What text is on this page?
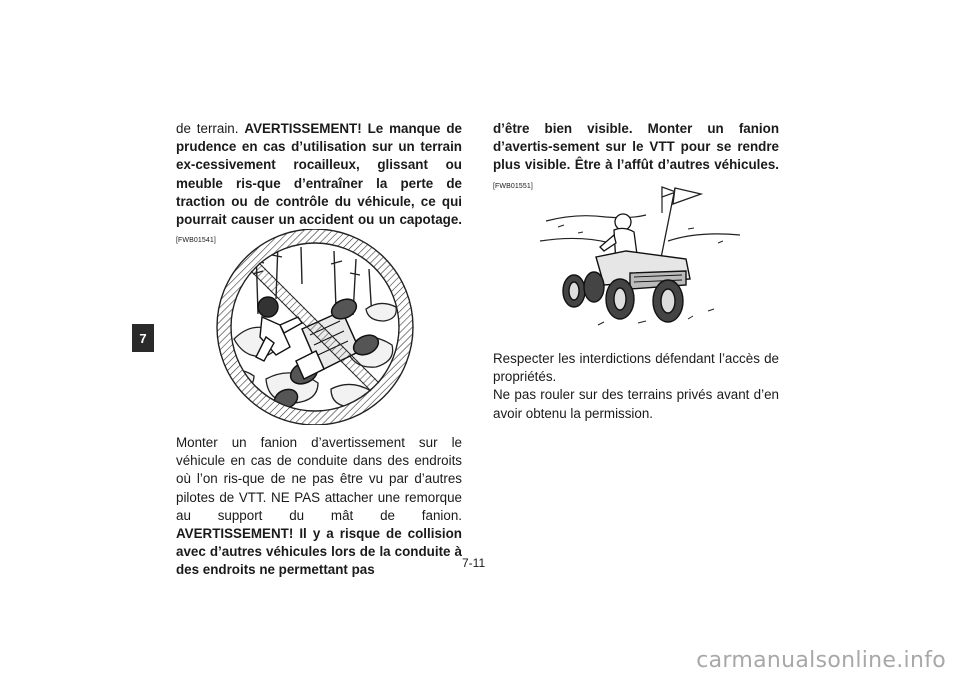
7

de terrain. AVERTISSEMENT! Le manque de prudence en cas d’utilisation sur un terrain ex-cessivement rocailleux, glissant ou meuble ris-que d’entraîner la perte de traction ou de contrôle du véhicule, ce qui pourrait causer un accident ou un capotage.[FWB01541]

Monter un fanion d’avertissement sur le véhicule en cas de conduite dans des endroits où l’on ris-que de ne pas être vu par d’autres pilotes de VTT. NE PAS attacher une remorque au support du mât de fanion. AVERTISSEMENT! Il y a risque de collision avec d’autres véhicules lors de la conduite à des endroits ne permettant pas

d’être bien visible. Monter un fanion d’avertis-sement sur le VTT pour se rendre plus visible. Être à l’affût d’autres véhicules.[FWB01551]

Respecter les interdictions défendant l’accès de propriétés.

Ne pas rouler sur des terrains privés avant d’en avoir obtenu la permission.

7-11
carmanualsonline.info
